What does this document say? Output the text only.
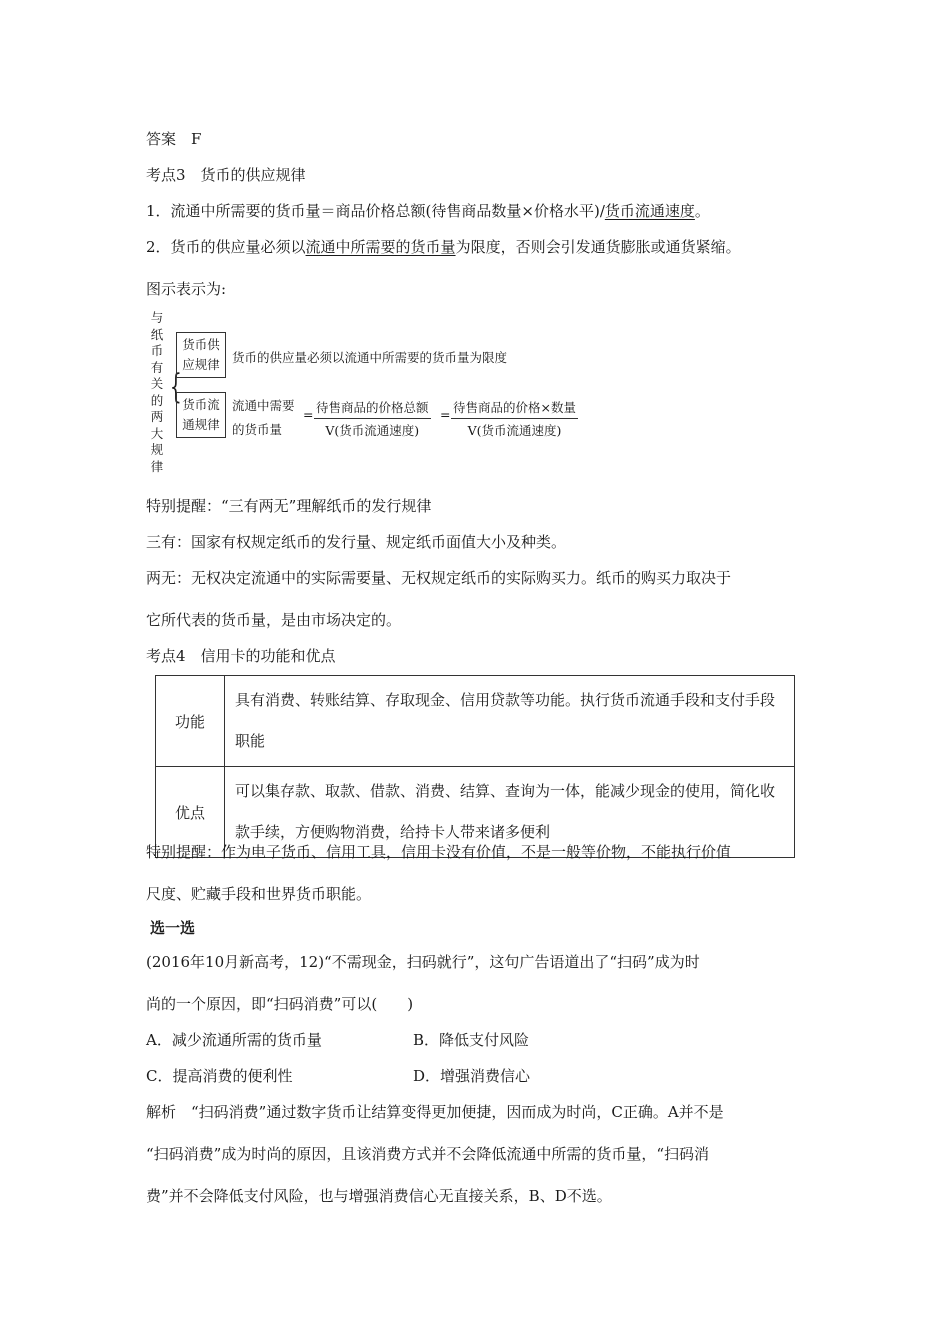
答案　F
考点3　货币的供应规律
1．流通中所需要的货币量＝商品价格总额(待售商品数量×价格水平)/货币流通速度。
2．货币的供应量必须以流通中所需要的货币量为限度，否则会引发通货膨胀或通货紧缩。
图示表示为:
与
纸
币
有
关
的
两
大
规
律
{
货币供
应规律 货币的供应量必须以流通中所需要的货币量为限度
货币流
通规律
流通中需要
的货币量
= 待售商品的价格总额
V(货币流通速度)
= 待售商品的价格×数量
V(货币流通速度)
特别提醒：“三有两无”理解纸币的发行规律
三有：国家有权规定纸币的发行量、规定纸币面值大小及种类。
两无：无权决定流通中的实际需要量、无权规定纸币的实际购买力。纸币的购买力取决于
它所代表的货币量，是由市场决定的。
考点4　信用卡的功能和优点
功能	具有消费、转账结算、存取现金、信用贷款等功能。执行货币流通手段和支付手段职能
优点	可以集存款、取款、借款、消费、结算、查询为一体，能减少现金的使用，简化收款手续，方便购物消费，给持卡人带来诸多便利
特别提醒：作为电子货币、信用工具，信用卡没有价值，不是一般等价物，不能执行价值
尺度、贮藏手段和世界货币职能。
选一选
(2016年10月新高考，12)“不需现金，扫码就行”，这句广告语道出了“扫码”成为时
尚的一个原因，即“扫码消费”可以(　　)
A．减少流通所需的货币量	B．降低支付风险
C．提高消费的便利性	D．增强消费信心
解析　“扫码消费”通过数字货币让结算变得更加便捷，因而成为时尚，C正确。A并不是
“扫码消费”成为时尚的原因，且该消费方式并不会降低流通中所需的货币量，“扫码消
费”并不会降低支付风险，也与增强消费信心无直接关系，B、D不选。
